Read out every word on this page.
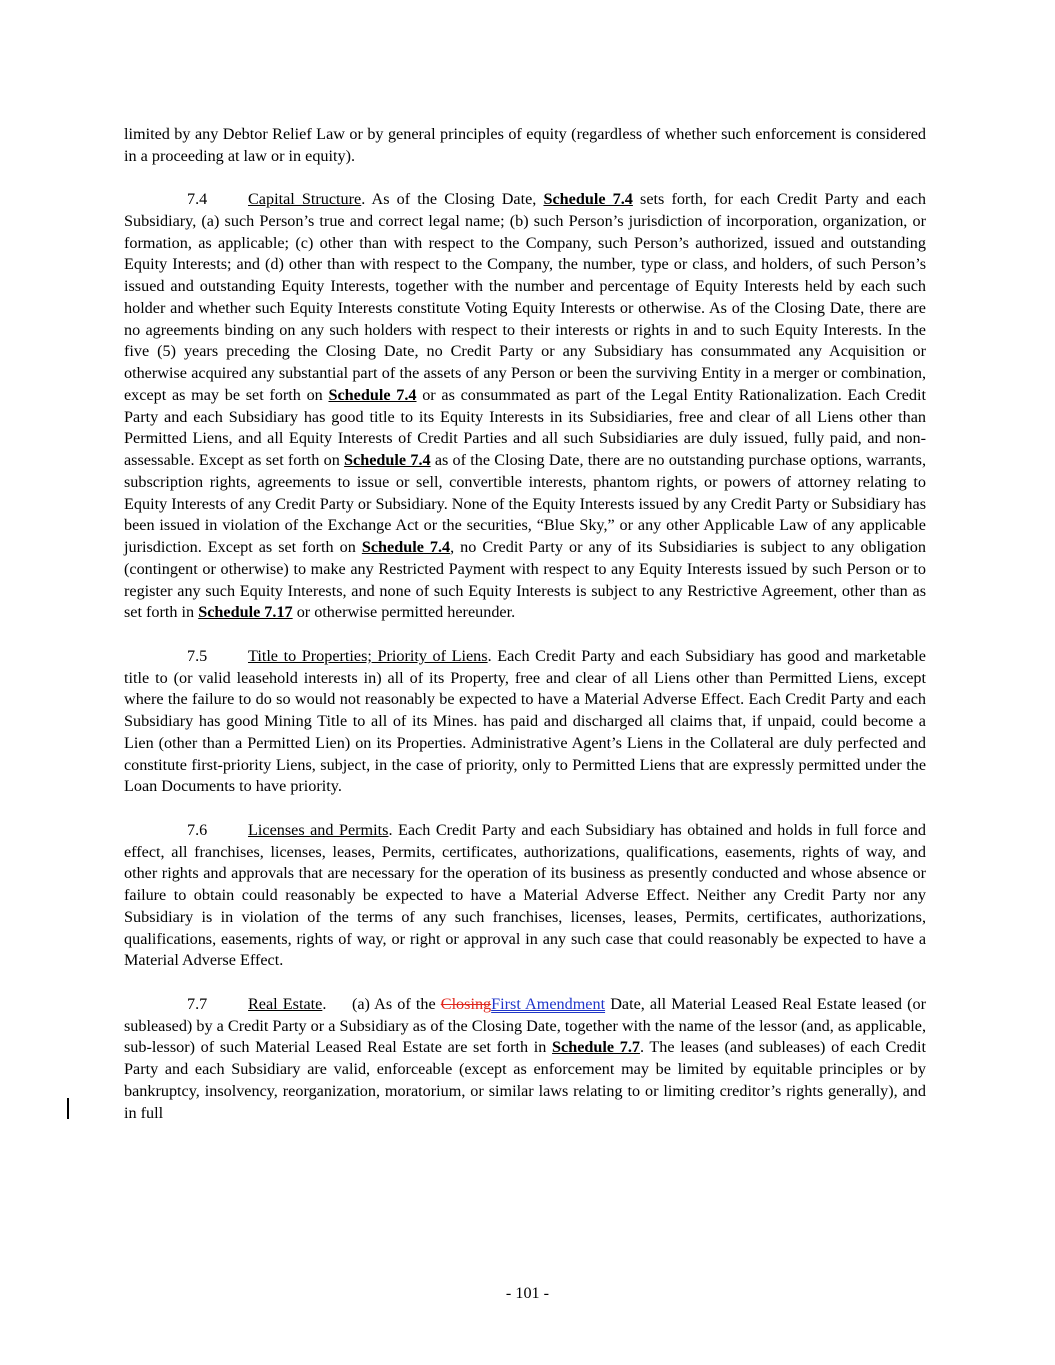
limited by any Debtor Relief Law or by general principles of equity (regardless of whether such enforcement is considered in a proceeding at law or in equity).

7.4	Capital Structure. As of the Closing Date, Schedule 7.4 sets forth, for each Credit Party and each Subsidiary, (a) such Person’s true and correct legal name; (b) such Person’s jurisdiction of incorporation, organization, or formation, as applicable; (c) other than with respect to the Company, such Person’s authorized, issued and outstanding Equity Interests; and (d) other than with respect to the Company, the number, type or class, and holders, of such Person’s issued and outstanding Equity Interests, together with the number and percentage of Equity Interests held by each such holder and whether such Equity Interests constitute Voting Equity Interests or otherwise. As of the Closing Date, there are no agreements binding on any such holders with respect to their interests or rights in and to such Equity Interests. In the five (5) years preceding the Closing Date, no Credit Party or any Subsidiary has consummated any Acquisition or otherwise acquired any substantial part of the assets of any Person or been the surviving Entity in a merger or combination, except as may be set forth on Schedule 7.4 or as consummated as part of the Legal Entity Rationalization. Each Credit Party and each Subsidiary has good title to its Equity Interests in its Subsidiaries, free and clear of all Liens other than Permitted Liens, and all Equity Interests of Credit Parties and all such Subsidiaries are duly issued, fully paid, and non-assessable. Except as set forth on Schedule 7.4 as of the Closing Date, there are no outstanding purchase options, warrants, subscription rights, agreements to issue or sell, convertible interests, phantom rights, or powers of attorney relating to Equity Interests of any Credit Party or Subsidiary. None of the Equity Interests issued by any Credit Party or Subsidiary has been issued in violation of the Exchange Act or the securities, “Blue Sky,” or any other Applicable Law of any applicable jurisdiction. Except as set forth on Schedule 7.4, no Credit Party or any of its Subsidiaries is subject to any obligation (contingent or otherwise) to make any Restricted Payment with respect to any Equity Interests issued by such Person or to register any such Equity Interests, and none of such Equity Interests is subject to any Restrictive Agreement, other than as set forth in Schedule 7.17 or otherwise permitted hereunder.

7.5	Title to Properties; Priority of Liens. Each Credit Party and each Subsidiary has good and marketable title to (or valid leasehold interests in) all of its Property, free and clear of all Liens other than Permitted Liens, except where the failure to do so would not reasonably be expected to have a Material Adverse Effect. Each Credit Party and each Subsidiary has good Mining Title to all of its Mines. has paid and discharged all claims that, if unpaid, could become a Lien (other than a Permitted Lien) on its Properties. Administrative Agent’s Liens in the Collateral are duly perfected and constitute first-priority Liens, subject, in the case of priority, only to Permitted Liens that are expressly permitted under the Loan Documents to have priority.

7.6	Licenses and Permits. Each Credit Party and each Subsidiary has obtained and holds in full force and effect, all franchises, licenses, leases, Permits, certificates, authorizations, qualifications, easements, rights of way, and other rights and approvals that are necessary for the operation of its business as presently conducted and whose absence or failure to obtain could reasonably be expected to have a Material Adverse Effect. Neither any Credit Party nor any Subsidiary is in violation of the terms of any such franchises, licenses, leases, Permits, certificates, authorizations, qualifications, easements, rights of way, or right or approval in any such case that could reasonably be expected to have a Material Adverse Effect.

7.7	Real Estate.     (a) As of the ClosingFirst Amendment Date, all Material Leased Real Estate leased (or subleased) by a Credit Party or a Subsidiary as of the Closing Date, together with the name of the lessor (and, as applicable, sub-lessor) of such Material Leased Real Estate are set forth in Schedule 7.7. The leases (and subleases) of each Credit Party and each Subsidiary are valid, enforceable (except as enforcement may be limited by equitable principles or by bankruptcy, insolvency, reorganization, moratorium, or similar laws relating to or limiting creditor’s rights generally), and in full

- 101 -
